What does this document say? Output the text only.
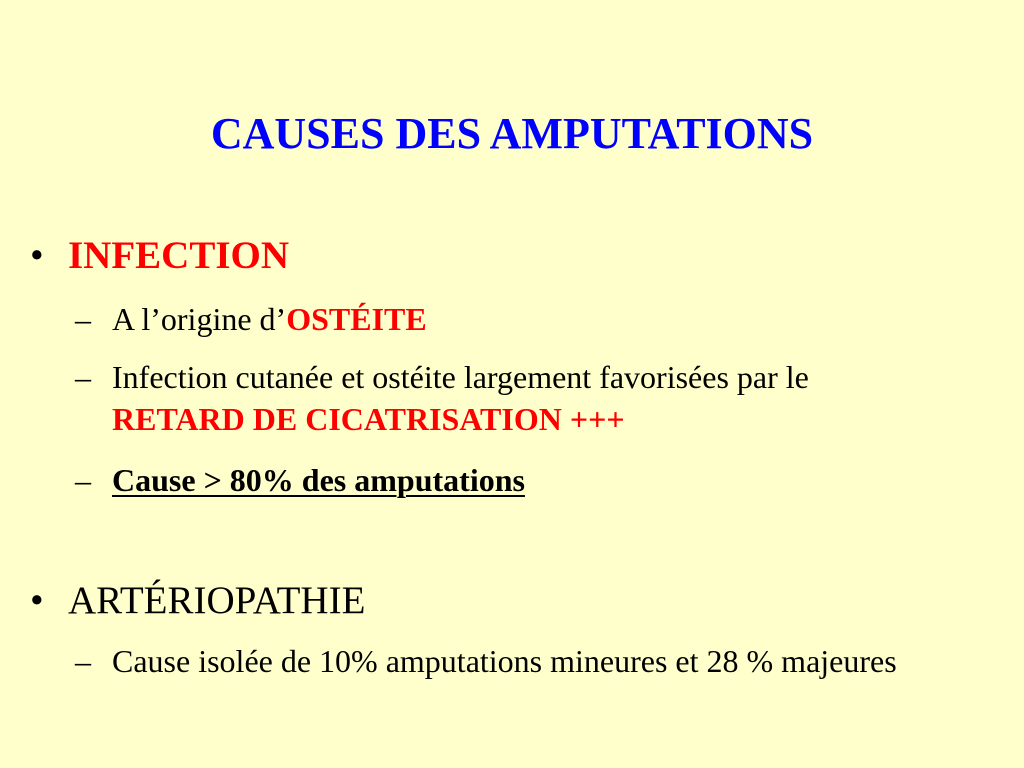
CAUSES DES AMPUTATIONS
• INFECTION
– A l’origine d’OSTÉITE
– Infection cutanée et ostéite largement favorisées par le
RETARD DE CICATRISATION +++
– Cause > 80% des amputations
• ARTÉRIOPATHIE
– Cause isolée de 10% amputations mineures et 28 % majeures
